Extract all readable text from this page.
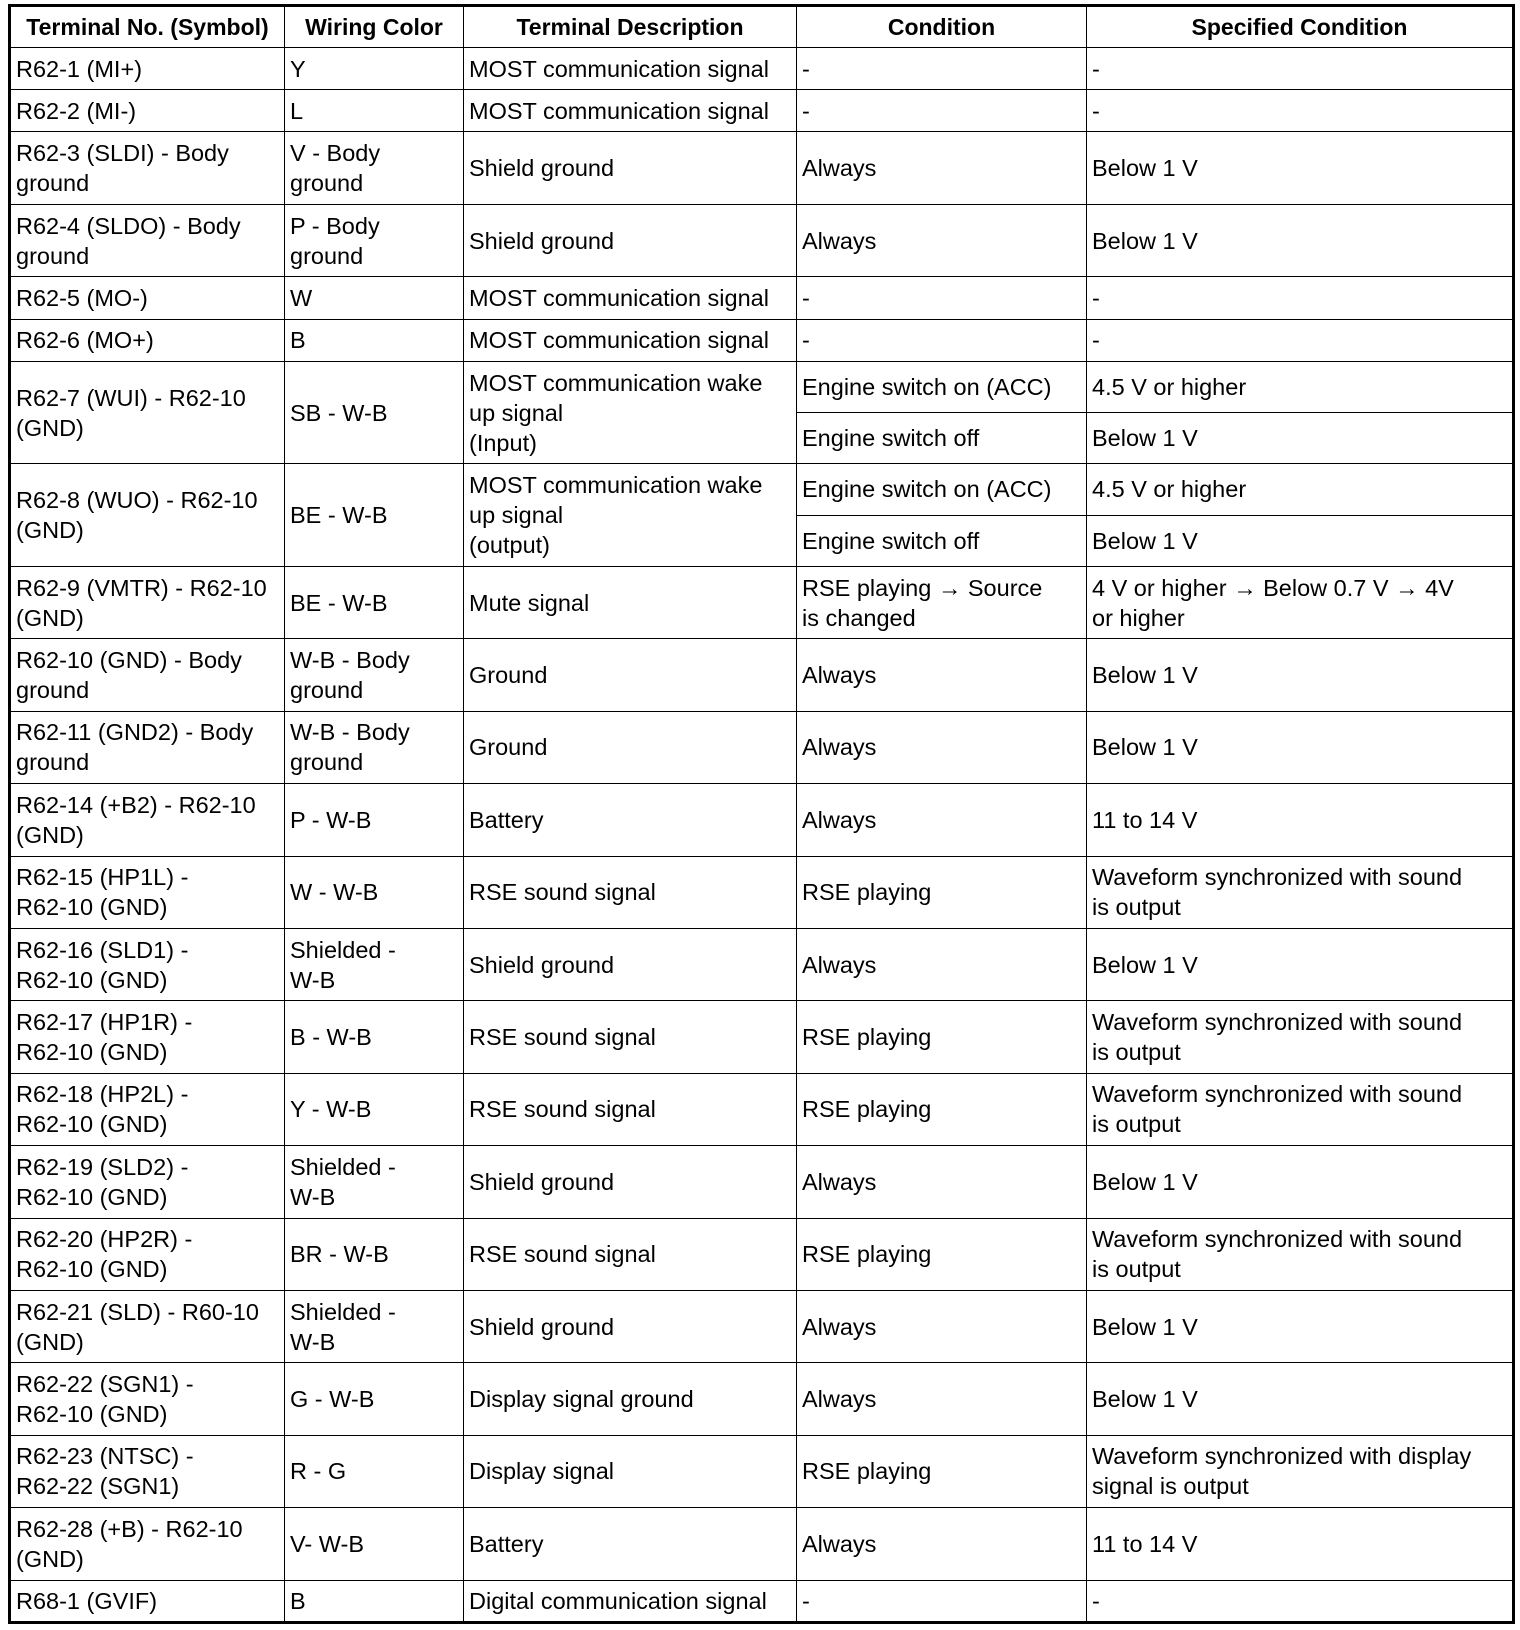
Terminal No. (Symbol)	Wiring Color	Terminal Description	Condition	Specified Condition
R62-1 (MI+)	Y	MOST communication signal	-	-
R62-2 (MI-)	L	MOST communication signal	-	-
R62-3 (SLDI) - Body
ground	V - Body
ground	Shield ground	Always	Below 1 V
R62-4 (SLDO) - Body
ground	P - Body
ground	Shield ground	Always	Below 1 V
R62-5 (MO-)	W	MOST communication signal	-	-
R62-6 (MO+)	B	MOST communication signal	-	-
R62-7 (WUI) - R62-10
(GND)	SB - W-B	MOST communication wake
up signal
(Input)	Engine switch on (ACC)	4.5 V or higher
			Engine switch off	Below 1 V
R62-8 (WUO) - R62-10
(GND)	BE - W-B	MOST communication wake
up signal
(output)	Engine switch on (ACC)	4.5 V or higher
			Engine switch off	Below 1 V
R62-9 (VMTR) - R62-10
(GND)	BE - W-B	Mute signal	RSE playing → Source
is changed	4 V or higher → Below 0.7 V → 4V
or higher
R62-10 (GND) - Body
ground	W-B - Body
ground	Ground	Always	Below 1 V
R62-11 (GND2) - Body
ground	W-B - Body
ground	Ground	Always	Below 1 V
R62-14 (+B2) - R62-10
(GND)	P - W-B	Battery	Always	11 to 14 V
R62-15 (HP1L) -
R62-10 (GND)	W - W-B	RSE sound signal	RSE playing	Waveform synchronized with sound
is output
R62-16 (SLD1) -
R62-10 (GND)	Shielded -
W-B	Shield ground	Always	Below 1 V
R62-17 (HP1R) -
R62-10 (GND)	B - W-B	RSE sound signal	RSE playing	Waveform synchronized with sound
is output
R62-18 (HP2L) -
R62-10 (GND)	Y - W-B	RSE sound signal	RSE playing	Waveform synchronized with sound
is output
R62-19 (SLD2) -
R62-10 (GND)	Shielded -
W-B	Shield ground	Always	Below 1 V
R62-20 (HP2R) -
R62-10 (GND)	BR - W-B	RSE sound signal	RSE playing	Waveform synchronized with sound
is output
R62-21 (SLD) - R60-10
(GND)	Shielded -
W-B	Shield ground	Always	Below 1 V
R62-22 (SGN1) -
R62-10 (GND)	G - W-B	Display signal ground	Always	Below 1 V
R62-23 (NTSC) -
R62-22 (SGN1)	R - G	Display signal	RSE playing	Waveform synchronized with display
signal is output
R62-28 (+B) - R62-10
(GND)	V- W-B	Battery	Always	11 to 14 V
R68-1 (GVIF)	B	Digital communication signal	-	-
